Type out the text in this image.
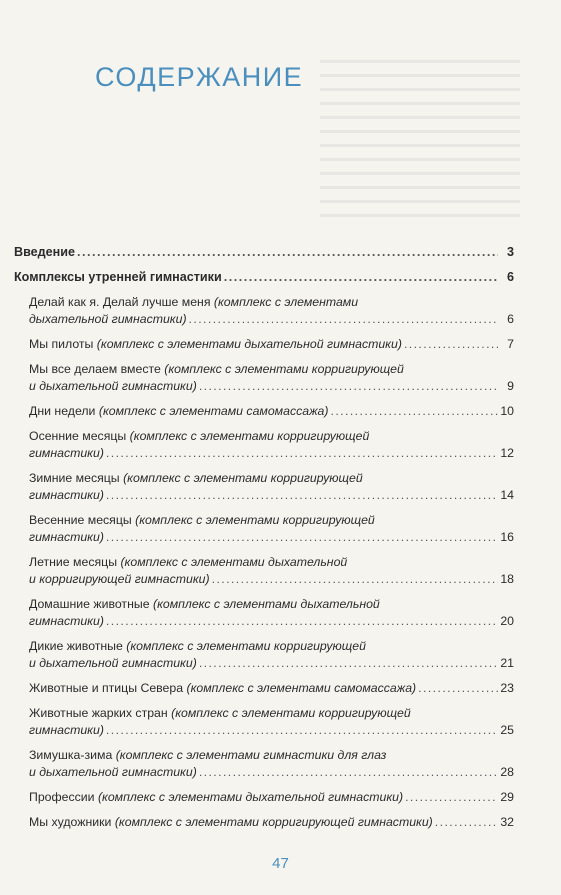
СОДЕРЖАНИЕ
Введение . . .	3
Комплексы утренней гимнастики . . .	6
Делай как я. Делай лучше меня (комплекс с элементами
дыхательной гимнастики) . . .	6
Мы пилоты (комплекс с элементами дыхательной гимнастики) . . .	7
Мы все делаем вместе (комплекс с элементами корригирующей
и дыхательной гимнастики) . . .	9
Дни недели (комплекс с элементами самомассажа) . . .	10
Осенние месяцы (комплекс с элементами корригирующей
гимнастики) . . .	12
Зимние месяцы (комплекс с элементами корригирующей
гимнастики) . . .	14
Весенние месяцы (комплекс с элементами корригирующей
гимнастики) . . .	16
Летние месяцы (комплекс с элементами дыхательной
и корригирующей гимнастики) . . .	18
Домашние животные (комплекс с элементами дыхательной
гимнастики) . . .	20
Дикие животные (комплекс с элементами корригирующей
и дыхательной гимнастики) . . .	21
Животные и птицы Севера (комплекс с элементами самомассажа) . . .	23
Животные жарких стран (комплекс с элементами корригирующей
гимнастики) . . .	25
Зимушка-зима (комплекс с элементами гимнастики для глаз
и дыхательной гимнастики) . . .	28
Профессии (комплекс с элементами дыхательной гимнастики) . . .	29
Мы художники (комплекс с элементами корригирующей гимнастики) . . .	32
47
